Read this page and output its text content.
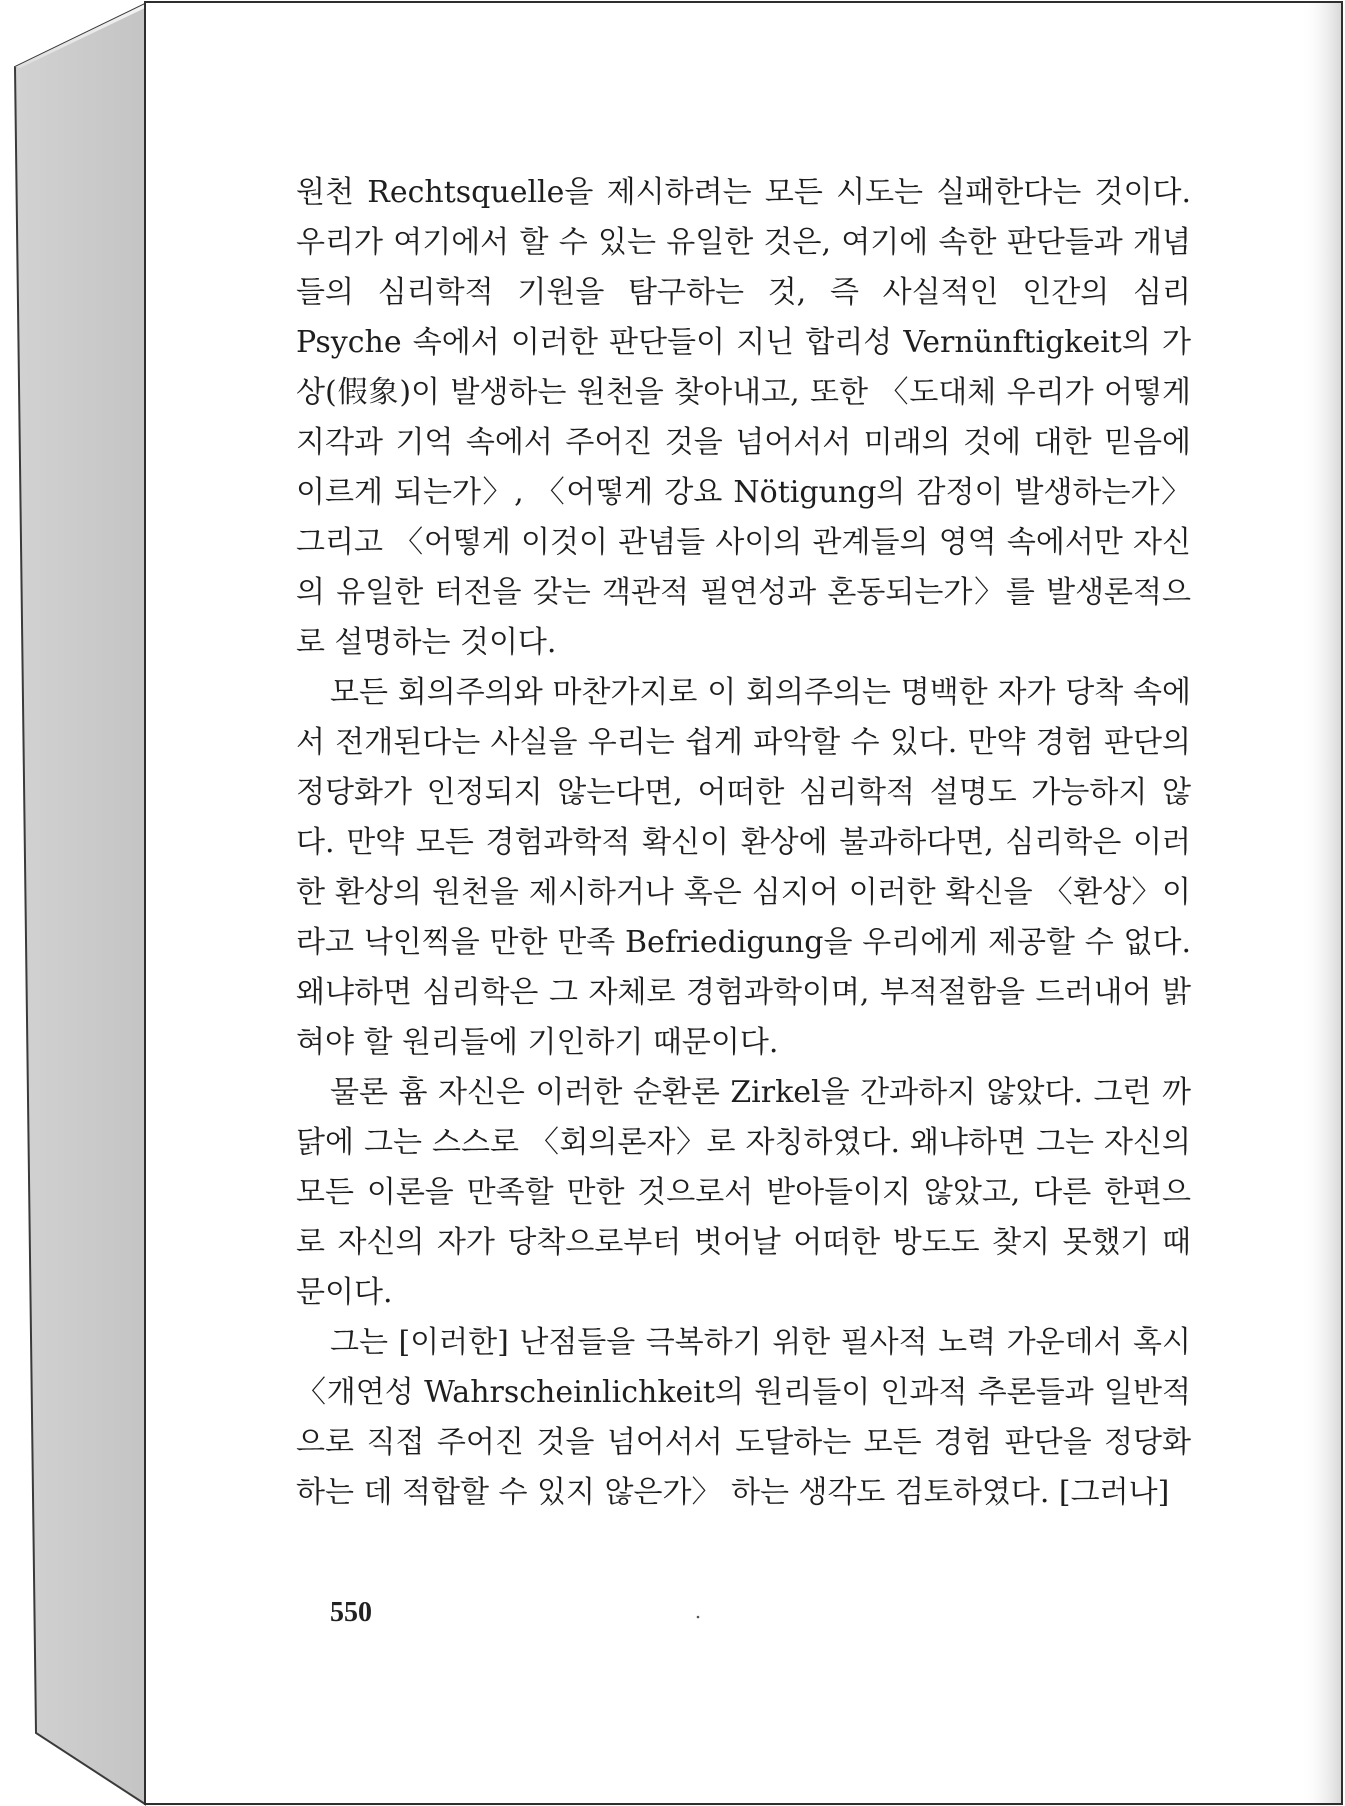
원천 Rechtsquelle을 제시하려는 모든 시도는 실패한다는 것이다. 우리가 여기에서 할 수 있는 유일한 것은, 여기에 속한 판단들과 개념들의 심리학적 기원을 탐구하는 것, 즉 사실적인 인간의 심리 Psyche 속에서 이러한 판단들이 지닌 합리성 Vernünftigkeit의 가상(假象)이 발생하는 원천을 찾아내고, 또한 〈도대체 우리가 어떻게 지각과 기억 속에서 주어진 것을 넘어서서 미래의 것에 대한 믿음에 이르게 되는가〉, 〈어떻게 강요 Nötigung의 감정이 발생하는가〉 그리고 〈어떻게 이것이 관념들 사이의 관계들의 영역 속에서만 자신의 유일한 터전을 갖는 객관적 필연성과 혼동되는가〉를 발생론적으로 설명하는 것이다.

모든 회의주의와 마찬가지로 이 회의주의는 명백한 자가 당착 속에서 전개된다는 사실을 우리는 쉽게 파악할 수 있다. 만약 경험 판단의 정당화가 인정되지 않는다면, 어떠한 심리학적 설명도 가능하지 않다. 만약 모든 경험과학적 확신이 환상에 불과하다면, 심리학은 이러한 환상의 원천을 제시하거나 혹은 심지어 이러한 확신을 〈환상〉이라고 낙인찍을 만한 만족 Befriedigung을 우리에게 제공할 수 없다. 왜냐하면 심리학은 그 자체로 경험과학이며, 부적절함을 드러내어 밝혀야 할 원리들에 기인하기 때문이다.

물론 흄 자신은 이러한 순환론 Zirkel을 간과하지 않았다. 그런 까닭에 그는 스스로 〈회의론자〉로 자칭하였다. 왜냐하면 그는 자신의 모든 이론을 만족할 만한 것으로서 받아들이지 않았고, 다른 한편으로 자신의 자가 당착으로부터 벗어날 어떠한 방도도 찾지 못했기 때문이다.

그는 [이러한] 난점들을 극복하기 위한 필사적 노력 가운데서 혹시 〈개연성 Wahrscheinlichkeit의 원리들이 인과적 추론들과 일반적으로 직접 주어진 것을 넘어서서 도달하는 모든 경험 판단을 정당화하는 데 적합할 수 있지 않은가〉 하는 생각도 검토하였다. [그러나]

550
